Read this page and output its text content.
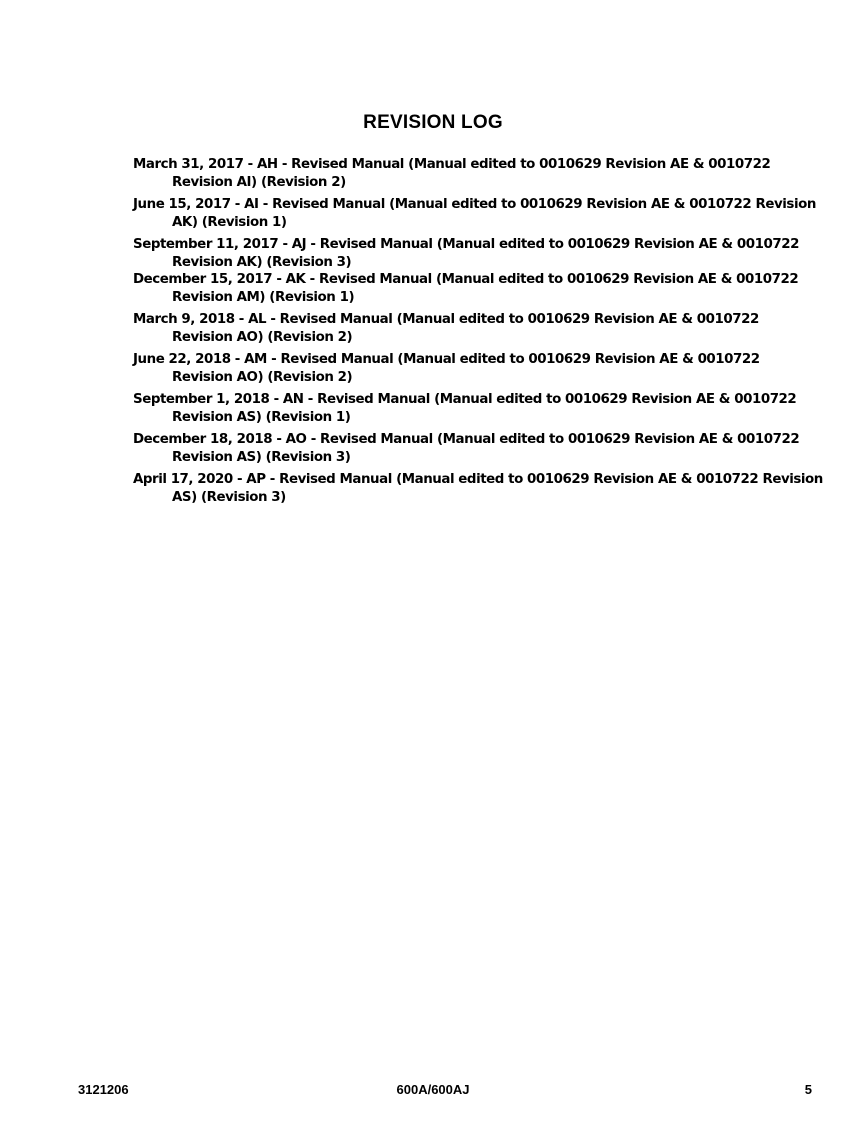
REVISION LOG
March 31, 2017 - AH - Revised Manual (Manual edited to 0010629 Revision AE & 0010722 Revision AI) (Revision 2)
June 15, 2017 - AI - Revised Manual (Manual edited to 0010629 Revision AE & 0010722 Revision AK) (Revision 1)
September 11, 2017 - AJ - Revised Manual (Manual edited to 0010629 Revision AE & 0010722 Revision AK) (Revision 3)
December 15, 2017 - AK - Revised Manual (Manual edited to 0010629 Revision AE & 0010722 Revision AM) (Revision 1)
March 9, 2018 - AL - Revised Manual (Manual edited to 0010629 Revision AE & 0010722 Revision AO) (Revision 2)
June 22, 2018 - AM - Revised Manual (Manual edited to 0010629 Revision AE & 0010722 Revision AO) (Revision 2)
September 1, 2018 - AN - Revised Manual (Manual edited to 0010629 Revision AE & 0010722 Revision AS) (Revision 1)
December 18, 2018 - AO - Revised Manual (Manual edited to 0010629 Revision AE & 0010722 Revision AS) (Revision 3)
April 17, 2020 - AP - Revised Manual (Manual edited to 0010629 Revision AE & 0010722 Revision AS) (Revision 3)
3121206	600A/600AJ	5
